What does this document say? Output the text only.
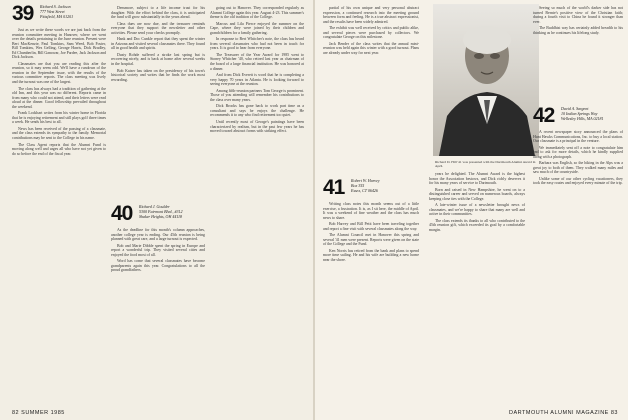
39 Richard S. Jackson
777 West Street
Pittsfield, MA 01201

Just as we write these words we are just back from the reunion committee meeting in Hanover, where we went over the details pertaining to the June reunion. Present were Bert MacKenzie, Paul Tomkins, Sam Weed, Bob Foster, Bill Tomkins, Wes Gelling, George Harris, Dick Bradley, Ed Chamberlin, Bill Ganowar, Joe Pardee, Jack Jackson and Dick Jackson.

Classmates are that you are reading this after the reunion, so it may seem odd. We'll have a rundown of the reunion in the September issue, with the results of the various committee reports. The class meeting was lively and the turnout was one of the largest.

The class has always had a tradition of gathering at the old Inn, and this year was no different. Reports came in from many who could not attend, and their letters were read aloud at the dinner. Good fellowship prevailed throughout the weekend.

Frank Lockhart writes from his winter home in Florida that he is enjoying retirement and still plays golf three times a week. He sends his best to all.

News has been received of the passing of a classmate, and the class extends its sympathy to the family. Memorial contributions may be sent to the College in his name.

The Class Agent reports that the Alumni Fund is moving along well and urges all who have not yet given to do so before the end of the fiscal year.

Densmore, subject to a life income trust for his daughter. With the effort behind the class, it is anticipated the fund will grow substantially in the years ahead.

Class dues are now due, and the treasurer reminds everyone that they support the newsletter and other activities. Please send your checks promptly.

Hank and Doc Cunkle report that they spent the winter in Arizona and visited several classmates there. They found all in good health and spirits.

Dusty Rohde suffered a stroke last spring but is recovering nicely, and is back at home after several weeks in the hospital.

Bob Kaiser has taken on the presidency of his town's historical society and writes that he finds the work most rewarding.

40 Richard J. Goulder
5300 Fairmont Blvd., #312
Shaker Heights, OH 44118

As the deadline for this month's column approaches, another college year is ending. Our 45th reunion is being planned with great care, and a large turnout is expected.

Bob and Marie Dibble spent the spring in Europe and report a wonderful trip. They visited several cities and enjoyed the food most of all.

Word has come that several classmates have become grandparents again this year. Congratulations to all the proud grandfathers.

going out to Hanover. They corresponded regularly as Alumni College again this year. August 4-23. This summer's theme is the old tradition of the College.

Marcus and Lila Pierce enjoyed the summer on the Cape, where they were joined by their children and grandchildren for a family gathering.

In response to Bert Whitcher's note, the class has heard from several classmates who had not been in touch for years. It is good to hear from everyone.

The Treasurer of the Year Award for 1985 went to Stoney Whitcher '40, who retired last year as chairman of the board of a large financial institution. He was honored at a dinner.

And from Dick Everett is word that he is completing a very happy 70 years in Atlanta. He is looking forward to seeing everyone at the reunion.

Among fifth-reunion partners Tom George is prominent. Those of you attending will remember his contributions to the class over many years.

Dick Brooks has gone back to work part time as a consultant and says he enjoys the challenge. He recommends it to any who find retirement too quiet.

Until recently most of George's paintings have been characterized by realism, but in the past few years he has moved toward abstract forms with striking effect.

82 SUMMER 1985

partial of his own unique and very personal abstract expression, a continued research into the meeting ground between form and feeling. He is a true abstract expressionist, and the results have been widely admired.

The exhibit was well received by critics and public alike, and several pieces were purchased by collectors. We congratulate George on this milestone.

Jack Bender of the class writes that the annual mini-reunion was held again this winter with a good turnout. Plans are already under way for next year.

41 Robert W. Harvey
Box 355
Essex, CT 06426

Writing class notes this month seems out of a little exercise, a frustration. It is, as I sit here, the middle of April. It was a weekend of fine weather and the class has much news to share.

Bob Harvey and Bill Petit have been traveling together and report a fine visit with several classmates along the way.

The Alumni Council met in Hanover this spring and several '41 men were present. Reports were given on the state of the College and the Fund.

Ken Norris has retired from the bank and plans to spend more time sailing. He and his wife are building a new home near the shore.

Richard D. Hill '41 was presented with the Dartmouth Alumni Award in April.

years he delighted. The Alumni Award is the highest honor the Association bestows, and Dick richly deserves it for his many years of service to Dartmouth.

Born and raised in New Hampshire, he went on to a distinguished career and served on numerous boards, always keeping close ties with the College.

A late-winter issue of a newsletter brought news of classmates, and we're happy to share that many are well and active in their communities.

The class extends its thanks to all who contributed to the 45th reunion gift, which exceeded its goal by a comfortable margin.

Seeing so much of the world's darker side has not turned Bernie's positive view of the Christian faith; during a fourth visit to China he found it stronger than ever.

The Buddhist way has certainly added breadth to his thinking as he continues his lifelong study.

42 David A. Sargent
10 Indian Springs Way
Wellesley Hills, MA 02181

A recent newspaper story announced the plans of Hunt Hawks Communications, Inc. to buy a local station. Our classmate is a principal in the venture.

We immediately sent off a note to congratulate him and to ask for more details, which he kindly supplied along with a photograph.

Barbara was English, so the hiking in the Alps was a great joy to both of them. They walked many miles and saw much of the countryside.

Unlike some of our other cycling vacationers, they took the easy routes and enjoyed every minute of the trip.

DARTMOUTH ALUMNI MAGAZINE 83
